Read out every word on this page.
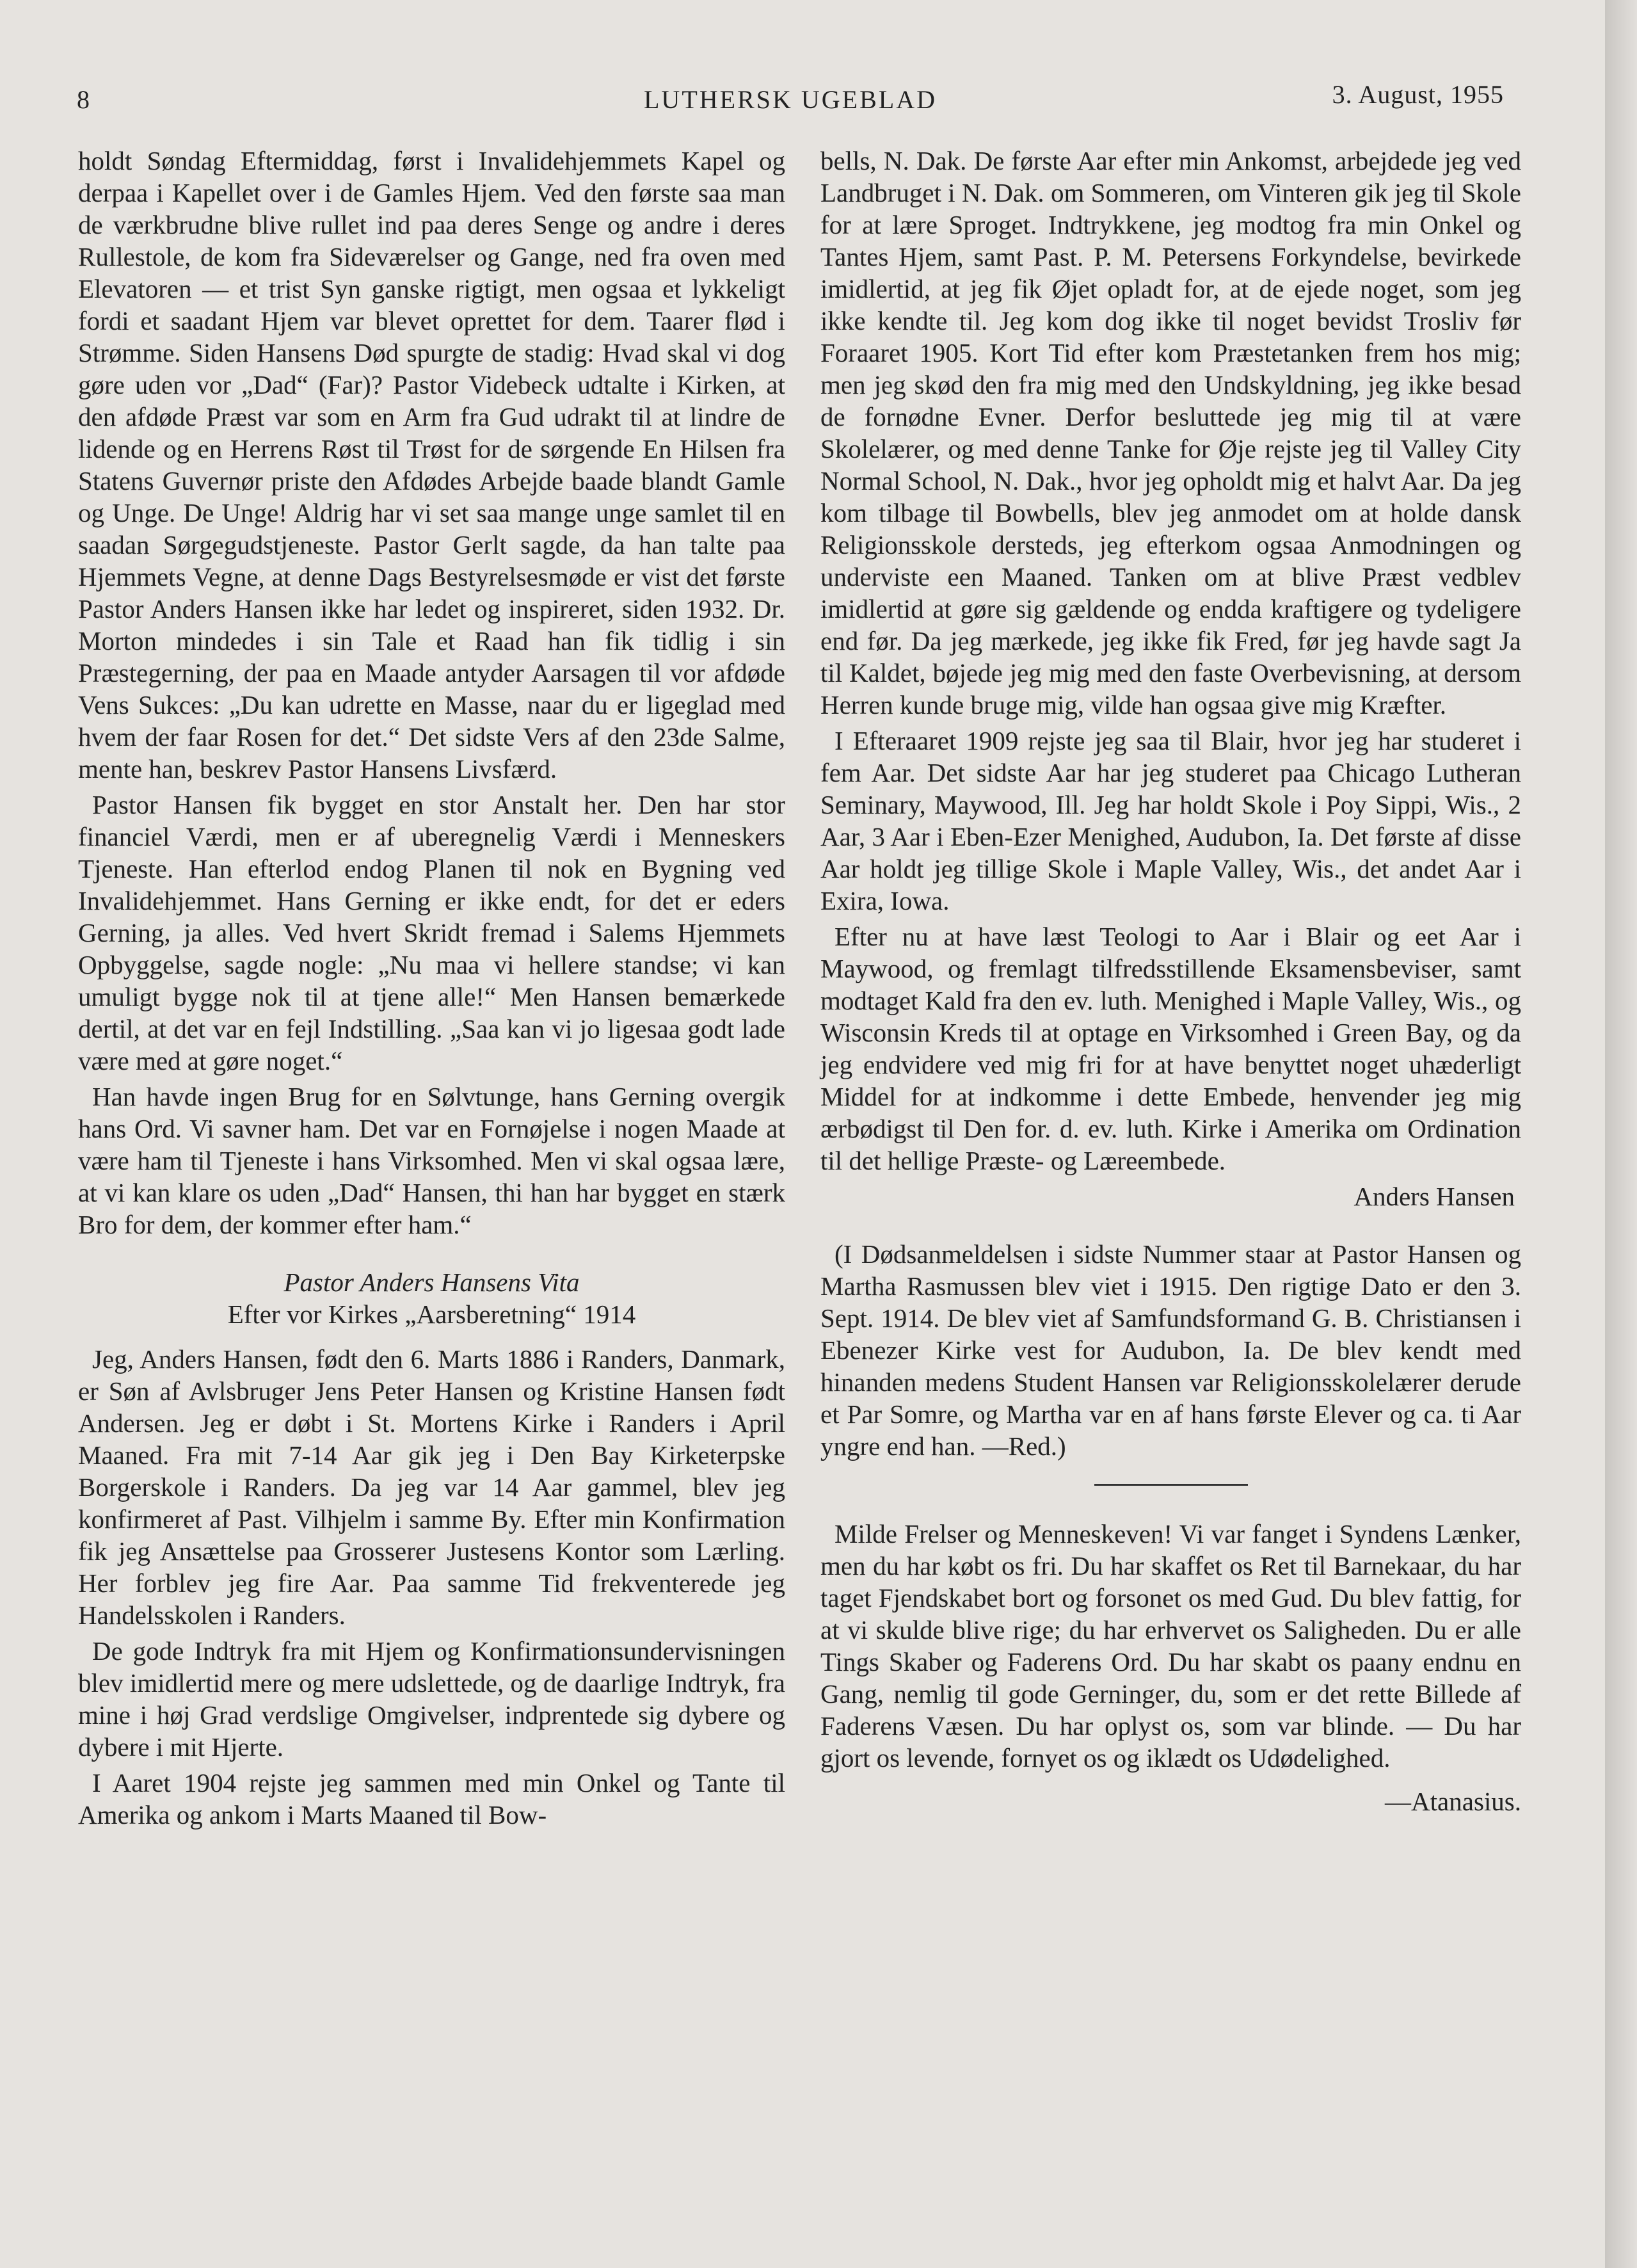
8	LUTHERSK UGEBLAD	3. August, 1955

holdt Søndag Eftermiddag, først i Invalidehjemmets Kapel og derpaa i Kapellet over i de Gamles Hjem. Ved den første saa man de værkbrudne blive rullet ind paa deres Senge og andre i deres Rullestole, de kom fra Sideværelser og Gange, ned fra oven med Elevatoren — et trist Syn ganske rigtigt, men ogsaa et lykkeligt fordi et saadant Hjem var blevet oprettet for dem. Taarer flød i Strømme. Siden Hansens Død spurgte de stadig: Hvad skal vi dog gøre uden vor „Dad“ (Far)? Pastor Videbeck udtalte i Kirken, at den afdøde Præst var som en Arm fra Gud udrakt til at lindre de lidende og en Herrens Røst til Trøst for de sørgende En Hilsen fra Statens Guvernør priste den Afdødes Arbejde baade blandt Gamle og Unge. De Unge! Aldrig har vi set saa mange unge samlet til en saadan Sørgegudstjeneste. Pastor Gerlt sagde, da han talte paa Hjemmets Vegne, at denne Dags Bestyrelsesmøde er vist det første Pastor Anders Hansen ikke har ledet og inspireret, siden 1932. Dr. Morton mindedes i sin Tale et Raad han fik tidlig i sin Præstegerning, der paa en Maade antyder Aarsagen til vor afdøde Vens Sukces: „Du kan udrette en Masse, naar du er ligeglad med hvem der faar Rosen for det.“ Det sidste Vers af den 23de Salme, mente han, beskrev Pastor Hansens Livsfærd.

Pastor Hansen fik bygget en stor Anstalt her. Den har stor financiel Værdi, men er af uberegnelig Værdi i Menneskers Tjeneste. Han efterlod endog Planen til nok en Bygning ved Invalidehjemmet. Hans Gerning er ikke endt, for det er eders Gerning, ja alles. Ved hvert Skridt fremad i Salems Hjemmets Opbyggelse, sagde nogle: „Nu maa vi hellere standse; vi kan umuligt bygge nok til at tjene alle!“ Men Hansen bemærkede dertil, at det var en fejl Indstilling. „Saa kan vi jo ligesaa godt lade være med at gøre noget.“

Han havde ingen Brug for en Sølvtunge, hans Gerning overgik hans Ord. Vi savner ham. Det var en Fornøjelse i nogen Maade at være ham til Tjeneste i hans Virksomhed. Men vi skal ogsaa lære, at vi kan klare os uden „Dad“ Hansen, thi han har bygget en stærk Bro for dem, der kommer efter ham.“

Pastor Anders Hansens Vita
Efter vor Kirkes „Aarsberetning“ 1914

Jeg, Anders Hansen, født den 6. Marts 1886 i Randers, Danmark, er Søn af Avlsbruger Jens Peter Hansen og Kristine Hansen født Andersen. Jeg er døbt i St. Mortens Kirke i Randers i April Maaned. Fra mit 7-14 Aar gik jeg i Den Bay Kirketerpske Borgerskole i Randers. Da jeg var 14 Aar gammel, blev jeg konfirmeret af Past. Vilhjelm i samme By. Efter min Konfirmation fik jeg Ansættelse paa Grosserer Justesens Kontor som Lærling. Her forblev jeg fire Aar. Paa samme Tid frekventerede jeg Handelsskolen i Randers.

De gode Indtryk fra mit Hjem og Konfirmationsundervisningen blev imidlertid mere og mere udslettede, og de daarlige Indtryk, fra mine i høj Grad verdslige Omgivelser, indprentede sig dybere og dybere i mit Hjerte.

I Aaret 1904 rejste jeg sammen med min Onkel og Tante til Amerika og ankom i Marts Maaned til Bow-

bells, N. Dak. De første Aar efter min Ankomst, arbejdede jeg ved Landbruget i N. Dak. om Sommeren, om Vinteren gik jeg til Skole for at lære Sproget. Indtrykkene, jeg modtog fra min Onkel og Tantes Hjem, samt Past. P. M. Petersens Forkyndelse, bevirkede imidlertid, at jeg fik Øjet opladt for, at de ejede noget, som jeg ikke kendte til. Jeg kom dog ikke til noget bevidst Trosliv før Foraaret 1905. Kort Tid efter kom Præstetanken frem hos mig; men jeg skød den fra mig med den Undskyldning, jeg ikke besad de fornødne Evner. Derfor besluttede jeg mig til at være Skolelærer, og med denne Tanke for Øje rejste jeg til Valley City Normal School, N. Dak., hvor jeg opholdt mig et halvt Aar. Da jeg kom tilbage til Bowbells, blev jeg anmodet om at holde dansk Religionsskole dersteds, jeg efterkom ogsaa Anmodningen og underviste een Maaned. Tanken om at blive Præst vedblev imidlertid at gøre sig gældende og endda kraftigere og tydeligere end før. Da jeg mærkede, jeg ikke fik Fred, før jeg havde sagt Ja til Kaldet, bøjede jeg mig med den faste Overbevisning, at dersom Herren kunde bruge mig, vilde han ogsaa give mig Kræfter.

I Efteraaret 1909 rejste jeg saa til Blair, hvor jeg har studeret i fem Aar. Det sidste Aar har jeg studeret paa Chicago Lutheran Seminary, Maywood, Ill. Jeg har holdt Skole i Poy Sippi, Wis., 2 Aar, 3 Aar i Eben-Ezer Menighed, Audubon, Ia. Det første af disse Aar holdt jeg tillige Skole i Maple Valley, Wis., det andet Aar i Exira, Iowa.

Efter nu at have læst Teologi to Aar i Blair og eet Aar i Maywood, og fremlagt tilfredsstillende Eksamensbeviser, samt modtaget Kald fra den ev. luth. Menighed i Maple Valley, Wis., og Wisconsin Kreds til at optage en Virksomhed i Green Bay, og da jeg endvidere ved mig fri for at have benyttet noget uhæderligt Middel for at indkomme i dette Embede, henvender jeg mig ærbødigst til Den for. d. ev. luth. Kirke i Amerika om Ordination til det hellige Præste- og Læreembede.

Anders Hansen

(I Dødsanmeldelsen i sidste Nummer staar at Pastor Hansen og Martha Rasmussen blev viet i 1915. Den rigtige Dato er den 3. Sept. 1914. De blev viet af Samfundsformand G. B. Christiansen i Ebenezer Kirke vest for Audubon, Ia. De blev kendt med hinanden medens Student Hansen var Religionsskolelærer derude et Par Somre, og Martha var en af hans første Elever og ca. ti Aar yngre end han. —Red.)

Milde Frelser og Menneskeven! Vi var fanget i Syndens Lænker, men du har købt os fri. Du har skaffet os Ret til Barnekaar, du har taget Fjendskabet bort og forsonet os med Gud. Du blev fattig, for at vi skulde blive rige; du har erhvervet os Saligheden. Du er alle Tings Skaber og Faderens Ord. Du har skabt os paany endnu en Gang, nemlig til gode Gerninger, du, som er det rette Billede af Faderens Væsen. Du har oplyst os, som var blinde. — Du har gjort os levende, fornyet os og iklædt os Udødelighed.

—Atanasius.
